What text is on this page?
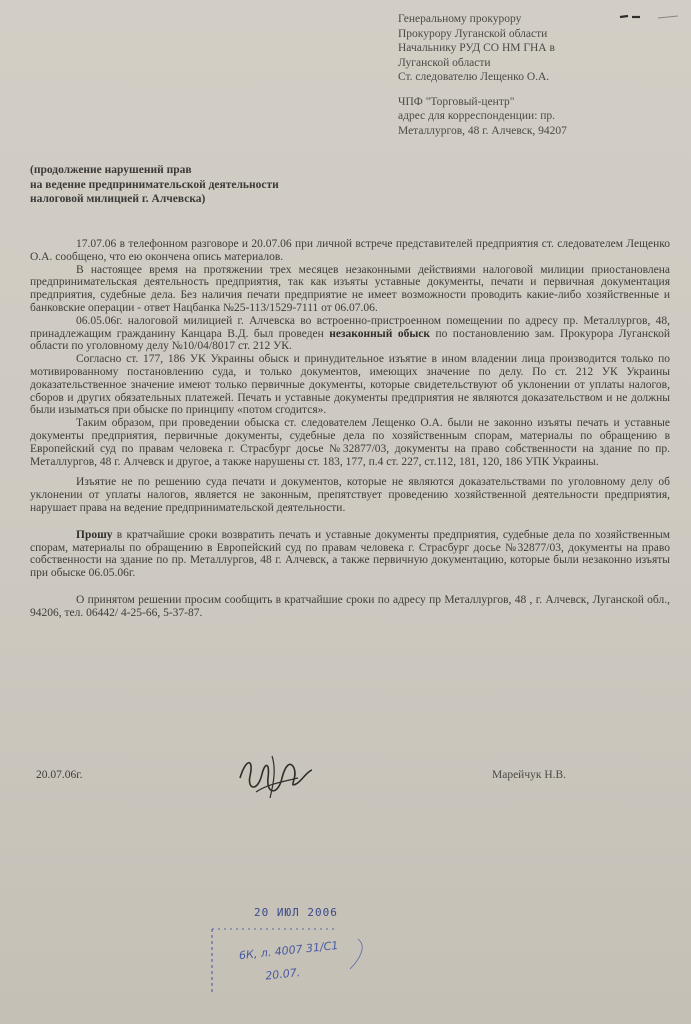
Генеральному прокурору
Прокурору Луганской области
Начальнику РУД СО НМ ГНА в
Луганской области
Ст. следователю Лещенко О.А.
ЧПФ "Торговый-центр"
адрес для корреспонденции: пр.
Металлургов, 48 г. Алчевск, 94207
(продолжение нарушений прав
на ведение предпринимательской деятельности
налоговой милицией г. Алчевска)

17.07.06 в телефонном разговоре и 20.07.06 при личной встрече представителей предприятия ст. следователем Лещенко О.А. сообщено, что ею окончена опись материалов.

В настоящее время на протяжении трех месяцев незаконными действиями налоговой милиции приостановлена предпринимательская деятельность предприятия, так как изъяты уставные документы, печати и первичная документация предприятия, судебные дела. Без наличия печати предприятие не имеет возможности проводить какие-либо хозяйственные и банковские операции - ответ Нацбанка №25-113/1529-7111 от 06.07.06.

06.05.06г. налоговой милицией г. Алчевска во встроенно-пристроенном помещении по адресу пр. Металлургов, 48, принадлежащим гражданину Канцара В.Д. был проведен незаконный обыск по постановлению зам. Прокурора Луганской области по уголовному делу №10/04/8017 ст. 212 УК.

Согласно ст. 177, 186 УК Украины обыск и принудительное изъятие в ином владении лица производится только по мотивированному постановлению суда, и только документов, имеющих значение по делу. По ст. 212 УК Украины доказательственное значение имеют только первичные документы, которые свидетельствуют об уклонении от уплаты налогов, сборов и других обязательных платежей. Печать и уставные документы предприятия не являются доказательством и не должны были изыматься при обыске по принципу «потом сгодится».

Таким образом, при проведении обыска ст. следователем Лещенко О.А. были не законно изъяты печать и уставные документы предприятия, первичные документы, судебные дела по хозяйственным спорам, материалы по обращению в Европейский суд по правам человека г. Страсбург досье №32877/03, документы на право собственности на здание по пр. Металлургов, 48 г. Алчевск и другое, а также нарушены ст. 183, 177, п.4 ст. 227, ст.112, 181, 120, 186 УПК Украины.

Изъятие не по решению суда печати и документов, которые не являются доказательствами по уголовному делу об уклонении от уплаты налогов, является не законным, препятствует проведению хозяйственной деятельности предприятия, нарушает права на ведение предпринимательской деятельности.

Прошу в кратчайшие сроки возвратить печать и уставные документы предприятия, судебные дела по хозяйственным спорам, материалы по обращению в Европейский суд по правам человека г. Страсбург досье №32877/03, документы на право собственности на здание по пр. Металлургов, 48 г. Алчевск, а также первичную документацию, которые были незаконно изъяты при обыске 06.05.06г.

О принятом решении просим сообщить в кратчайшие сроки по адресу пр Металлургов, 48 , г. Алчевск, Луганской обл., 94206, тел. 06442/ 4-25-66, 5-37-87.

20.07.06г.	Марейчук Н.В.
20 ИЮЛ 2006
6К, л. 4007 31/С1
20.07.
